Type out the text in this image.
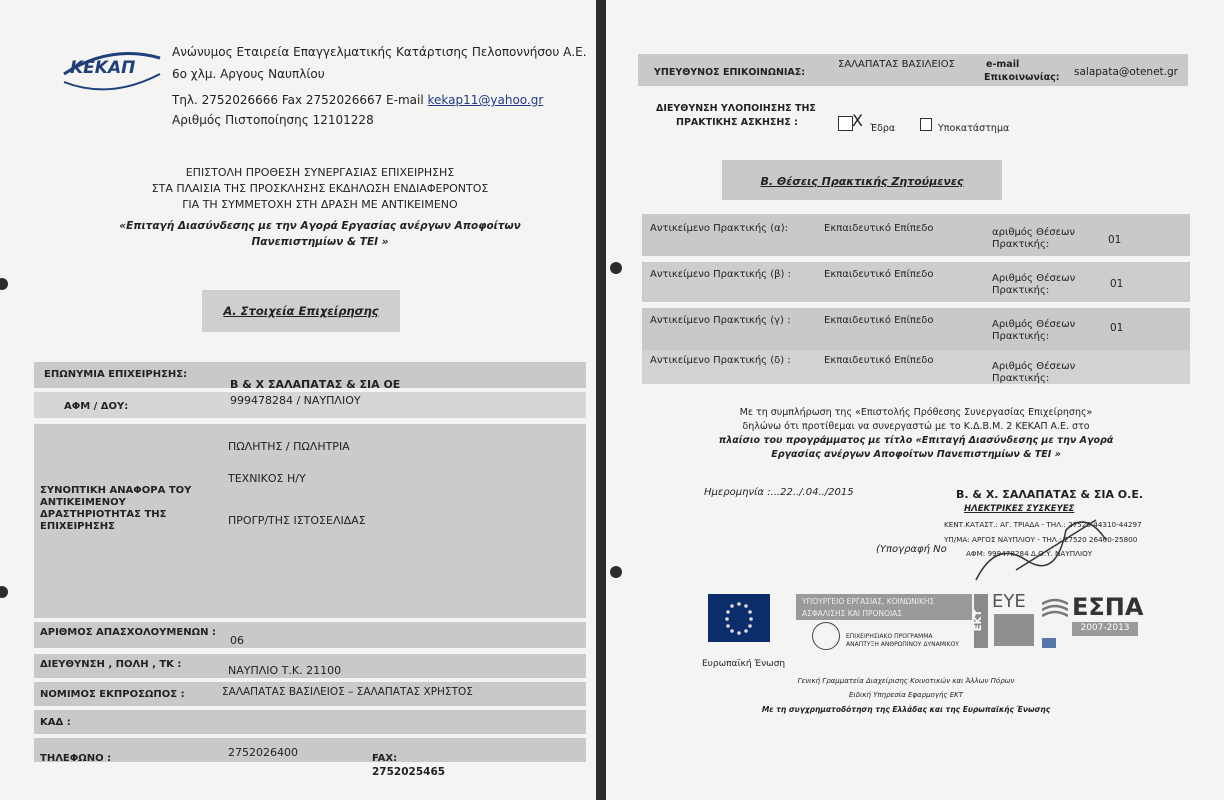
ΚΕΚΑΠ
Ανώνυμος Εταιρεία Επαγγελματικής Κατάρτισης Πελοποννήσου Α.Ε.
6ο χλμ. Αργους Ναυπλίου
Τηλ. 2752026666 Fax 2752026667 E-mail kekap11@yahoo.gr
Αριθμός Πιστοποίησης 12101228
ΕΠΙΣΤΟΛΗ ΠΡΟΘΕΣΗ ΣΥΝΕΡΓΑΣΙΑΣ ΕΠΙΧΕΙΡΗΣΗΣ
ΣΤΑ ΠΛΑΙΣΙΑ ΤΗΣ ΠΡΟΣΚΛΗΣΗΣ ΕΚΔΗΛΩΣΗ ΕΝΔΙΑΦΕΡΟΝΤΟΣ
ΓΙΑ ΤΗ ΣΥΜΜΕΤΟΧΗ ΣΤΗ ΔΡΑΣΗ ΜΕ ΑΝΤΙΚΕΙΜΕΝΟ
«Επιταγή Διασύνδεσης με την Αγορά Εργασίας ανέργων Αποφοίτων
Πανεπιστημίων & ΤΕΙ »
Α. Στοιχεία Επιχείρησης
ΕΠΩΝΥΜΙΑ ΕΠΙΧΕΙΡΗΣΗΣ:
Β & Χ ΣΑΛΑΠΑΤΑΣ & ΣΙΑ ΟΕ
ΑΦΜ / ΔΟΥ:	999478284 / ΝΑΥΠΛΙΟΥ
ΣΥΝΟΠΤΙΚΗ ΑΝΑΦΟΡΑ ΤΟΥ
ΑΝΤΙΚΕΙΜΕΝΟΥ
ΔΡΑΣΤΗΡΙΟΤΗΤΑΣ ΤΗΣ
ΕΠΙΧΕΙΡΗΣΗΣ
ΠΩΛΗΤΗΣ / ΠΩΛΗΤΡΙΑ
ΤΕΧΝΙΚΟΣ Η/Υ
ΠΡΟΓΡ/ΤΗΣ ΙΣΤΟΣΕΛΙΔΑΣ
ΑΡΙΘΜΟΣ ΑΠΑΣΧΟΛΟΥΜΕΝΩΝ :
06
ΔΙΕΥΘΥΝΣΗ , ΠΟΛΗ , ΤΚ :	ΝΑΥΠΛΙΟ Τ.Κ. 21100
ΝΟΜΙΜΟΣ ΕΚΠΡΟΣΩΠΟΣ :	ΣΑΛΑΠΑΤΑΣ ΒΑΣΙΛΕΙΟΣ – ΣΑΛΑΠΑΤΑΣ ΧΡΗΣΤΟΣ
ΚΑΔ :
ΤΗΛΕΦΩΝΟ :	2752026400	FAX:
2752025465
ΥΠΕΥΘΥΝΟΣ ΕΠΙΚΟΙΝΩΝΙΑΣ:
ΣΑΛΑΠΑΤΑΣ ΒΑΣΙΛΕΙΟΣ	e-mail
Επικοινωνίας: salapata@otenet.gr
ΔΙΕΥΘΥΝΣΗ ΥΛΟΠΟΙΗΣΗΣ ΤΗΣ
ΠΡΑΚΤΙΚΗΣ ΑΣΚΗΣΗΣ :	X Έδρα	Υποκατάστημα
Β. Θέσεις Πρακτικής Ζητούμενες
Αντικείμενο Πρακτικής (α):	Εκπαιδευτικό Επίπεδο	αριθμός Θέσεων
Πρακτικής:	01
Αντικείμενο Πρακτικής (β) :	Εκπαιδευτικό Επίπεδο	Αριθμός Θέσεων
Πρακτικής:
01
Αντικείμενο Πρακτικής (γ) :	Εκπαιδευτικό Επίπεδο	Αριθμός Θέσεων
Πρακτικής:
01
Αντικείμενο Πρακτικής (δ) :	Εκπαιδευτικό Επίπεδο
Αριθμός Θέσεων
Πρακτικής:
Με τη συμπλήρωση της «Επιστολής Πρόθεσης Συνεργασίας Επιχείρησης»
δηλώνω ότι προτίθεμαι να συνεργαστώ με το Κ.Δ.Β.Μ. 2 ΚΕΚΑΠ Α.Ε. στο
πλαίσιο του προγράμματος με τίτλο «Επιταγή Διασύνδεσης με την Αγορά
Εργασίας ανέργων Αποφοίτων Πανεπιστημίων & ΤΕΙ »
Ημερομηνία :...22../.04../2015	Β. & Χ. ΣΑΛΑΠΑΤΑΣ & ΣΙΑ Ο.Ε.
ΗΛΕΚΤΡΙΚΕΣ ΣΥΣΚΕΥΕΣ
ΚΕΝΤ.ΚΑΤΑΣΤ.: ΑΓ. ΤΡΙΑΔΑ - ΤΗΛ.: 27520 44310-44297
ΥΠ/ΜΑ: ΑΡΓΟΣ ΝΑΥΠΛΙΟΥ - ΤΗΛ.: 27520 26400-25800
ΑΦΜ: 999478284 Δ.Ο.Υ. ΝΑΥΠΛΙΟΥ
(Υπογραφή Νο
Ευρωπαϊκή Ένωση
ΥΠΟΥΡΓΕΙΟ ΕΡΓΑΣΙΑΣ, ΚΟΙΝΩΝΙΚΗΣ
ΑΣΦΑΛΙΣΗΣ ΚΑΙ ΠΡΟΝΟΙΑΣ
ΕΠΙΧΕΙΡΗΣΙΑΚΟ ΠΡΟΓΡΑΜΜΑ
ΑΝΑΠΤΥΞΗ ΑΝΘΡΩΠΙΝΟΥ ΔΥΝΑΜΙΚΟΥ
ΕΚΤ
ΕΥΕ ΕΣΠΑ
2007-2013
Γενική Γραμματεία Διαχείρισης Κοινοτικών και Άλλων Πόρων
Ειδική Υπηρεσία Εφαρμογής ΕΚΤ
Με τη συγχρηματοδότηση της Ελλάδας και της Ευρωπαϊκής Ένωσης
